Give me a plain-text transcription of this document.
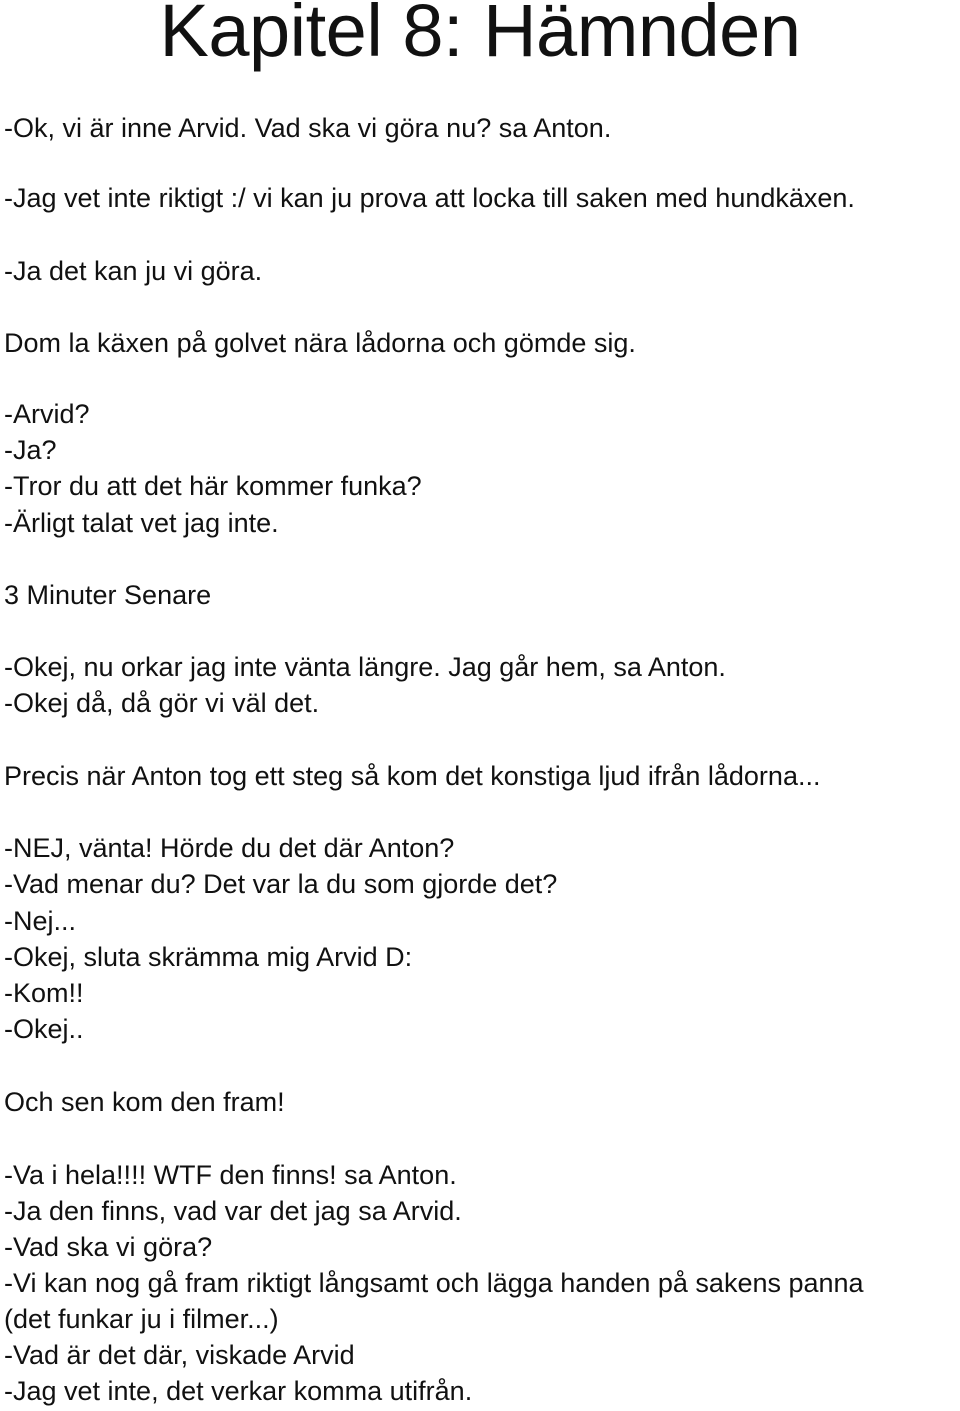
Kapitel 8: Hämnden

-Ok, vi är inne Arvid. Vad ska vi göra nu? sa Anton.

-Jag vet inte riktigt :/ vi kan ju prova att locka till saken med hundkäxen.

-Ja det kan ju vi göra.

Dom la käxen på golvet nära lådorna och gömde sig.

-Arvid?

-Ja?

-Tror du att det här kommer funka?

-Ärligt talat vet jag inte.

3 Minuter Senare

-Okej, nu orkar jag inte vänta längre. Jag går hem, sa Anton.

-Okej då, då gör vi väl det.

Precis när Anton tog ett steg så kom det konstiga ljud ifrån lådorna...

-NEJ, vänta! Hörde du det där Anton?

-Vad menar du? Det var la du som gjorde det?

-Nej...

-Okej, sluta skrämma mig Arvid D:

-Kom!!

-Okej..

Och sen kom den fram!

-Va i hela!!!! WTF den finns! sa Anton.

-Ja den finns, vad var det jag sa Arvid.

-Vad ska vi göra?

-Vi kan nog gå fram riktigt långsamt och lägga handen på sakens panna

(det funkar ju i filmer...)

-Vad är det där, viskade Arvid

-Jag vet inte, det verkar komma utifrån.
